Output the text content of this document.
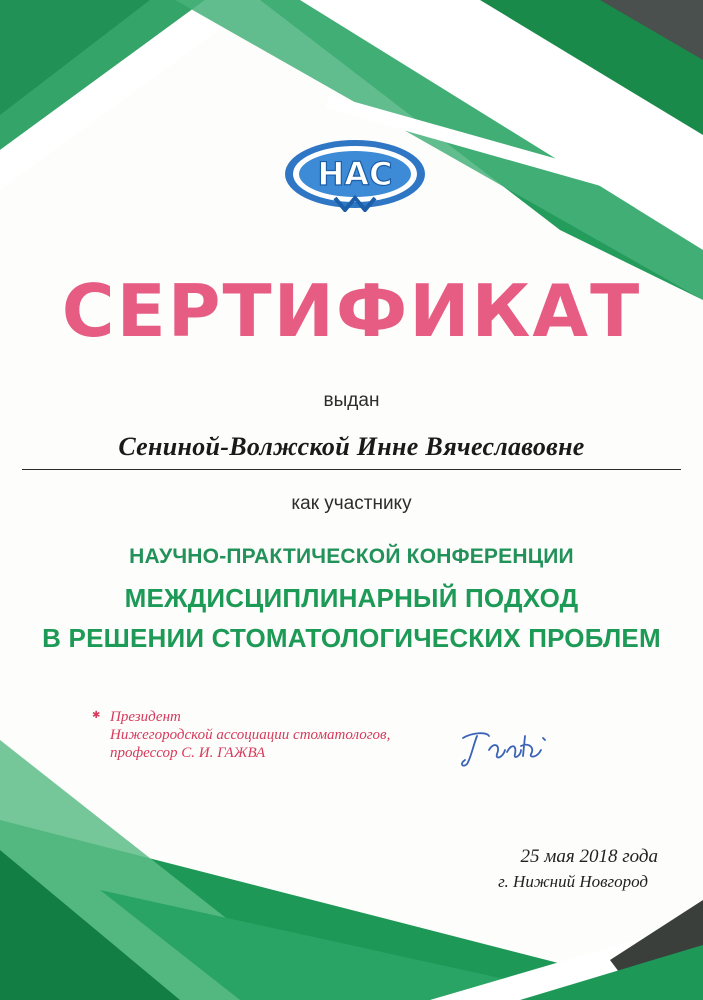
НАС
СЕРТИФИКАТ
выдан
Сениной-Волжской Инне Вячеславовне
как участнику
НАУЧНО-ПРАКТИЧЕСКОЙ КОНФЕРЕНЦИИ
МЕЖДИСЦИПЛИНАРНЫЙ ПОДХОД
В РЕШЕНИИ СТОМАТОЛОГИЧЕСКИХ ПРОБЛЕМ
✱ Президент
Нижегородской ассоциации стоматологов,
профессор С. И. ГАЖВА
25 мая 2018 года
г. Нижний Новгород
